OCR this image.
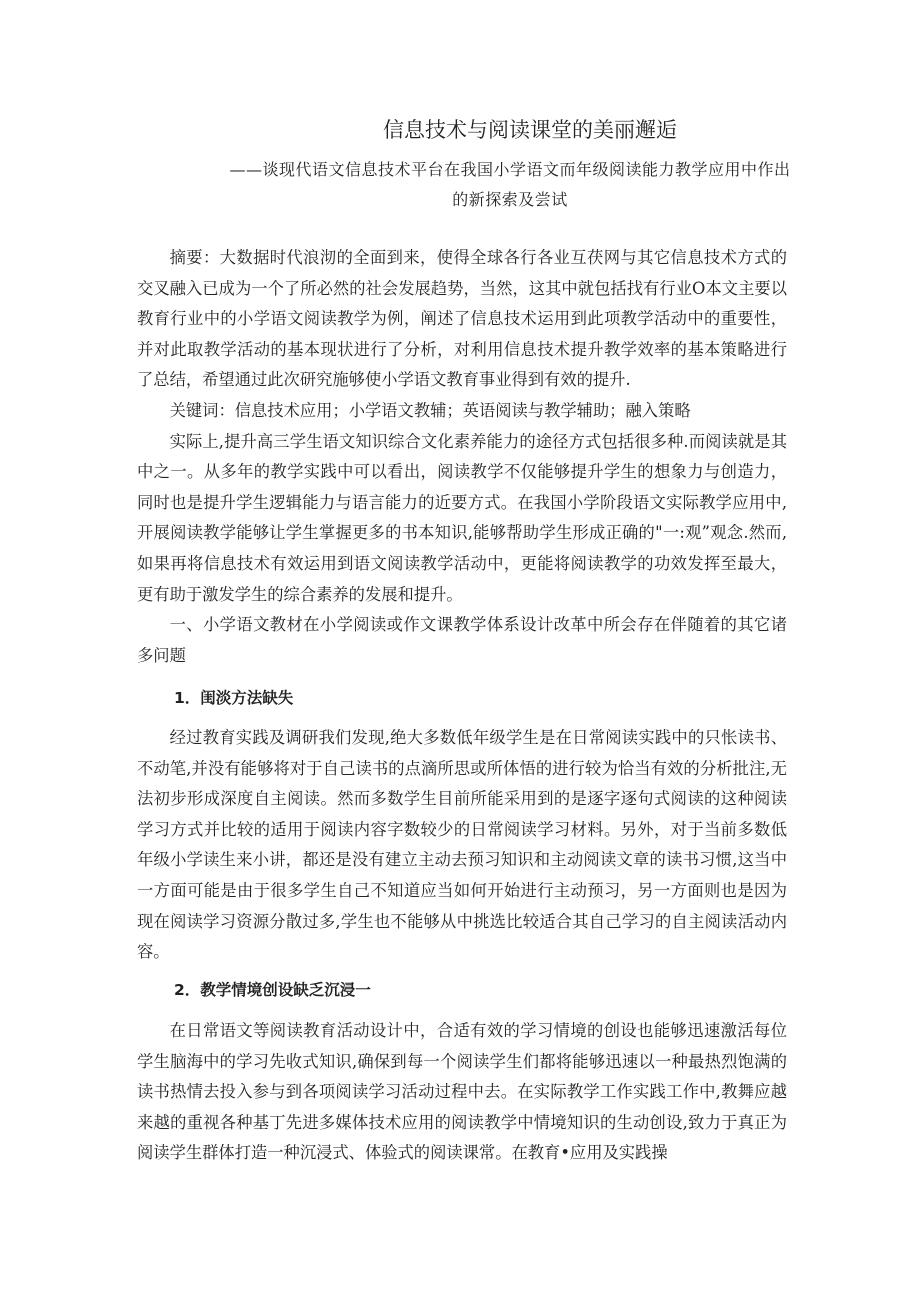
信息技术与阅读课堂的美丽邂逅
——谈现代语文信息技术平台在我国小学语文而年级阅读能力教学应用中作出
的新探索及尝试

摘要：大数据时代浪沏的全面到来，使得全球各行各业互茯网与其它信息技术方式的交叉融入已成为一个了所必然的社会发展趋势，当然，这其中就包括找有行业O本文主要以教育行业中的小学语文阅读教学为例，阐述了信息技术运用到此项教学活动中的重要性，并对此取教学活动的基本现状进行了分析，对利用信息技术提升教学效率的基本策略进行了总结，希望通过此次研究施够使小学语文教育事业得到有效的提升.

关键词：信息技术应用；小学语文教辅；英语阅读与教学辅助；融入策略

实际上,提升高三学生语文知识综合文化素养能力的途径方式包括很多种.而阅读就是其中之一。从多年的教学实践中可以看出，阅读教学不仅能够提升学生的想象力与创造力，同时也是提升学生逻辑能力与语言能力的近要方式。在我国小学阶段语文实际教学应用中,开展阅读教学能够让学生掌握更多的书本知识,能够帮助学生形成正确的"一:观”观念.然而,如果再将信息技术有效运用到语文阅读教学活动中，更能将阅读教学的功效发挥至最大，更有助于激发学生的综合素养的发展和提升。

一、小学语文教材在小学阅读或作文课教学体系设计改革中所会存在伴随着的其它诸多问题

1．闺淡方法缺失

经过教育实践及调研我们发现,绝大多数低年级学生是在日常阅读实践中的只怅读书、不动笔,并没有能够将对于自己读书的点滴所思或所体悟的进行较为恰当有效的分析批注,无法初步形成深度自主阅读。然而多数学生目前所能采用到的是逐字逐句式阅读的这种阅读学习方式并比较的适用于阅读内容字数较少的日常阅读学习材料。另外，对于当前多数低年级小学读生来小讲，都还是没有建立主动去预习知识和主动阅读文章的读书习惯,这当中一方面可能是由于很多学生自己不知道应当如何开始进行主动预习，另一方面则也是因为现在阅读学习资源分散过多,学生也不能够从中挑选比较适合其自己学习的自主阅读活动内容。

2．教学情境创设缺乏沉浸一

在日常语文等阅读教育活动设计中，合适有效的学习情境的创设也能够迅速激活每位学生脑海中的学习先收式知识,确保到每一个阅读学生们都将能够迅速以一种最热烈饱满的读书热情去投入参与到各项阅读学习活动过程中去。在实际教学工作实践工作中,教舞应越来越的重视各种基丁先进多媒体技术应用的阅读教学中情境知识的生动创设,致力于真正为阅读学生群体打造一种沉浸式、体验式的阅读课常。在教育•应用及实践操
